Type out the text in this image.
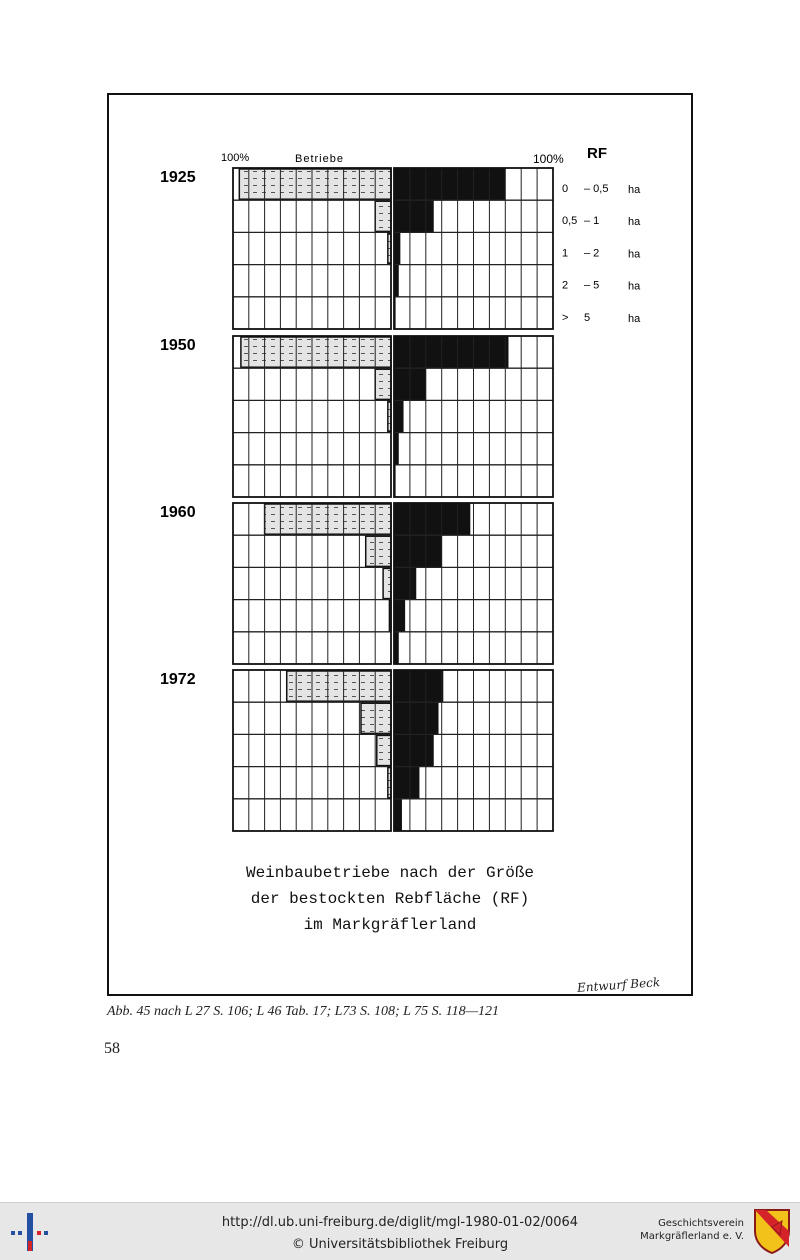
1925
1950
1960
1972
0 – 0,5 ha
0,5 – 1	ha
1 – 2	ha
2 – 5	ha
> 5	ha
100%	Betriebe	100% RF
Weinbaubetriebe nach der Größe
der bestockten Rebfläche (RF)
im Markgräflerland
Entwurf Beck
Abb. 45 nach L 27 S. 106; L 46 Tab. 17; L73 S. 108; L 75 S. 118—121
58
http://dl.ub.uni-freiburg.de/diglit/mgl-1980-01-02/0064
© Universitätsbibliothek Freiburg
Geschichtsverein
Markgräflerland e. V.
